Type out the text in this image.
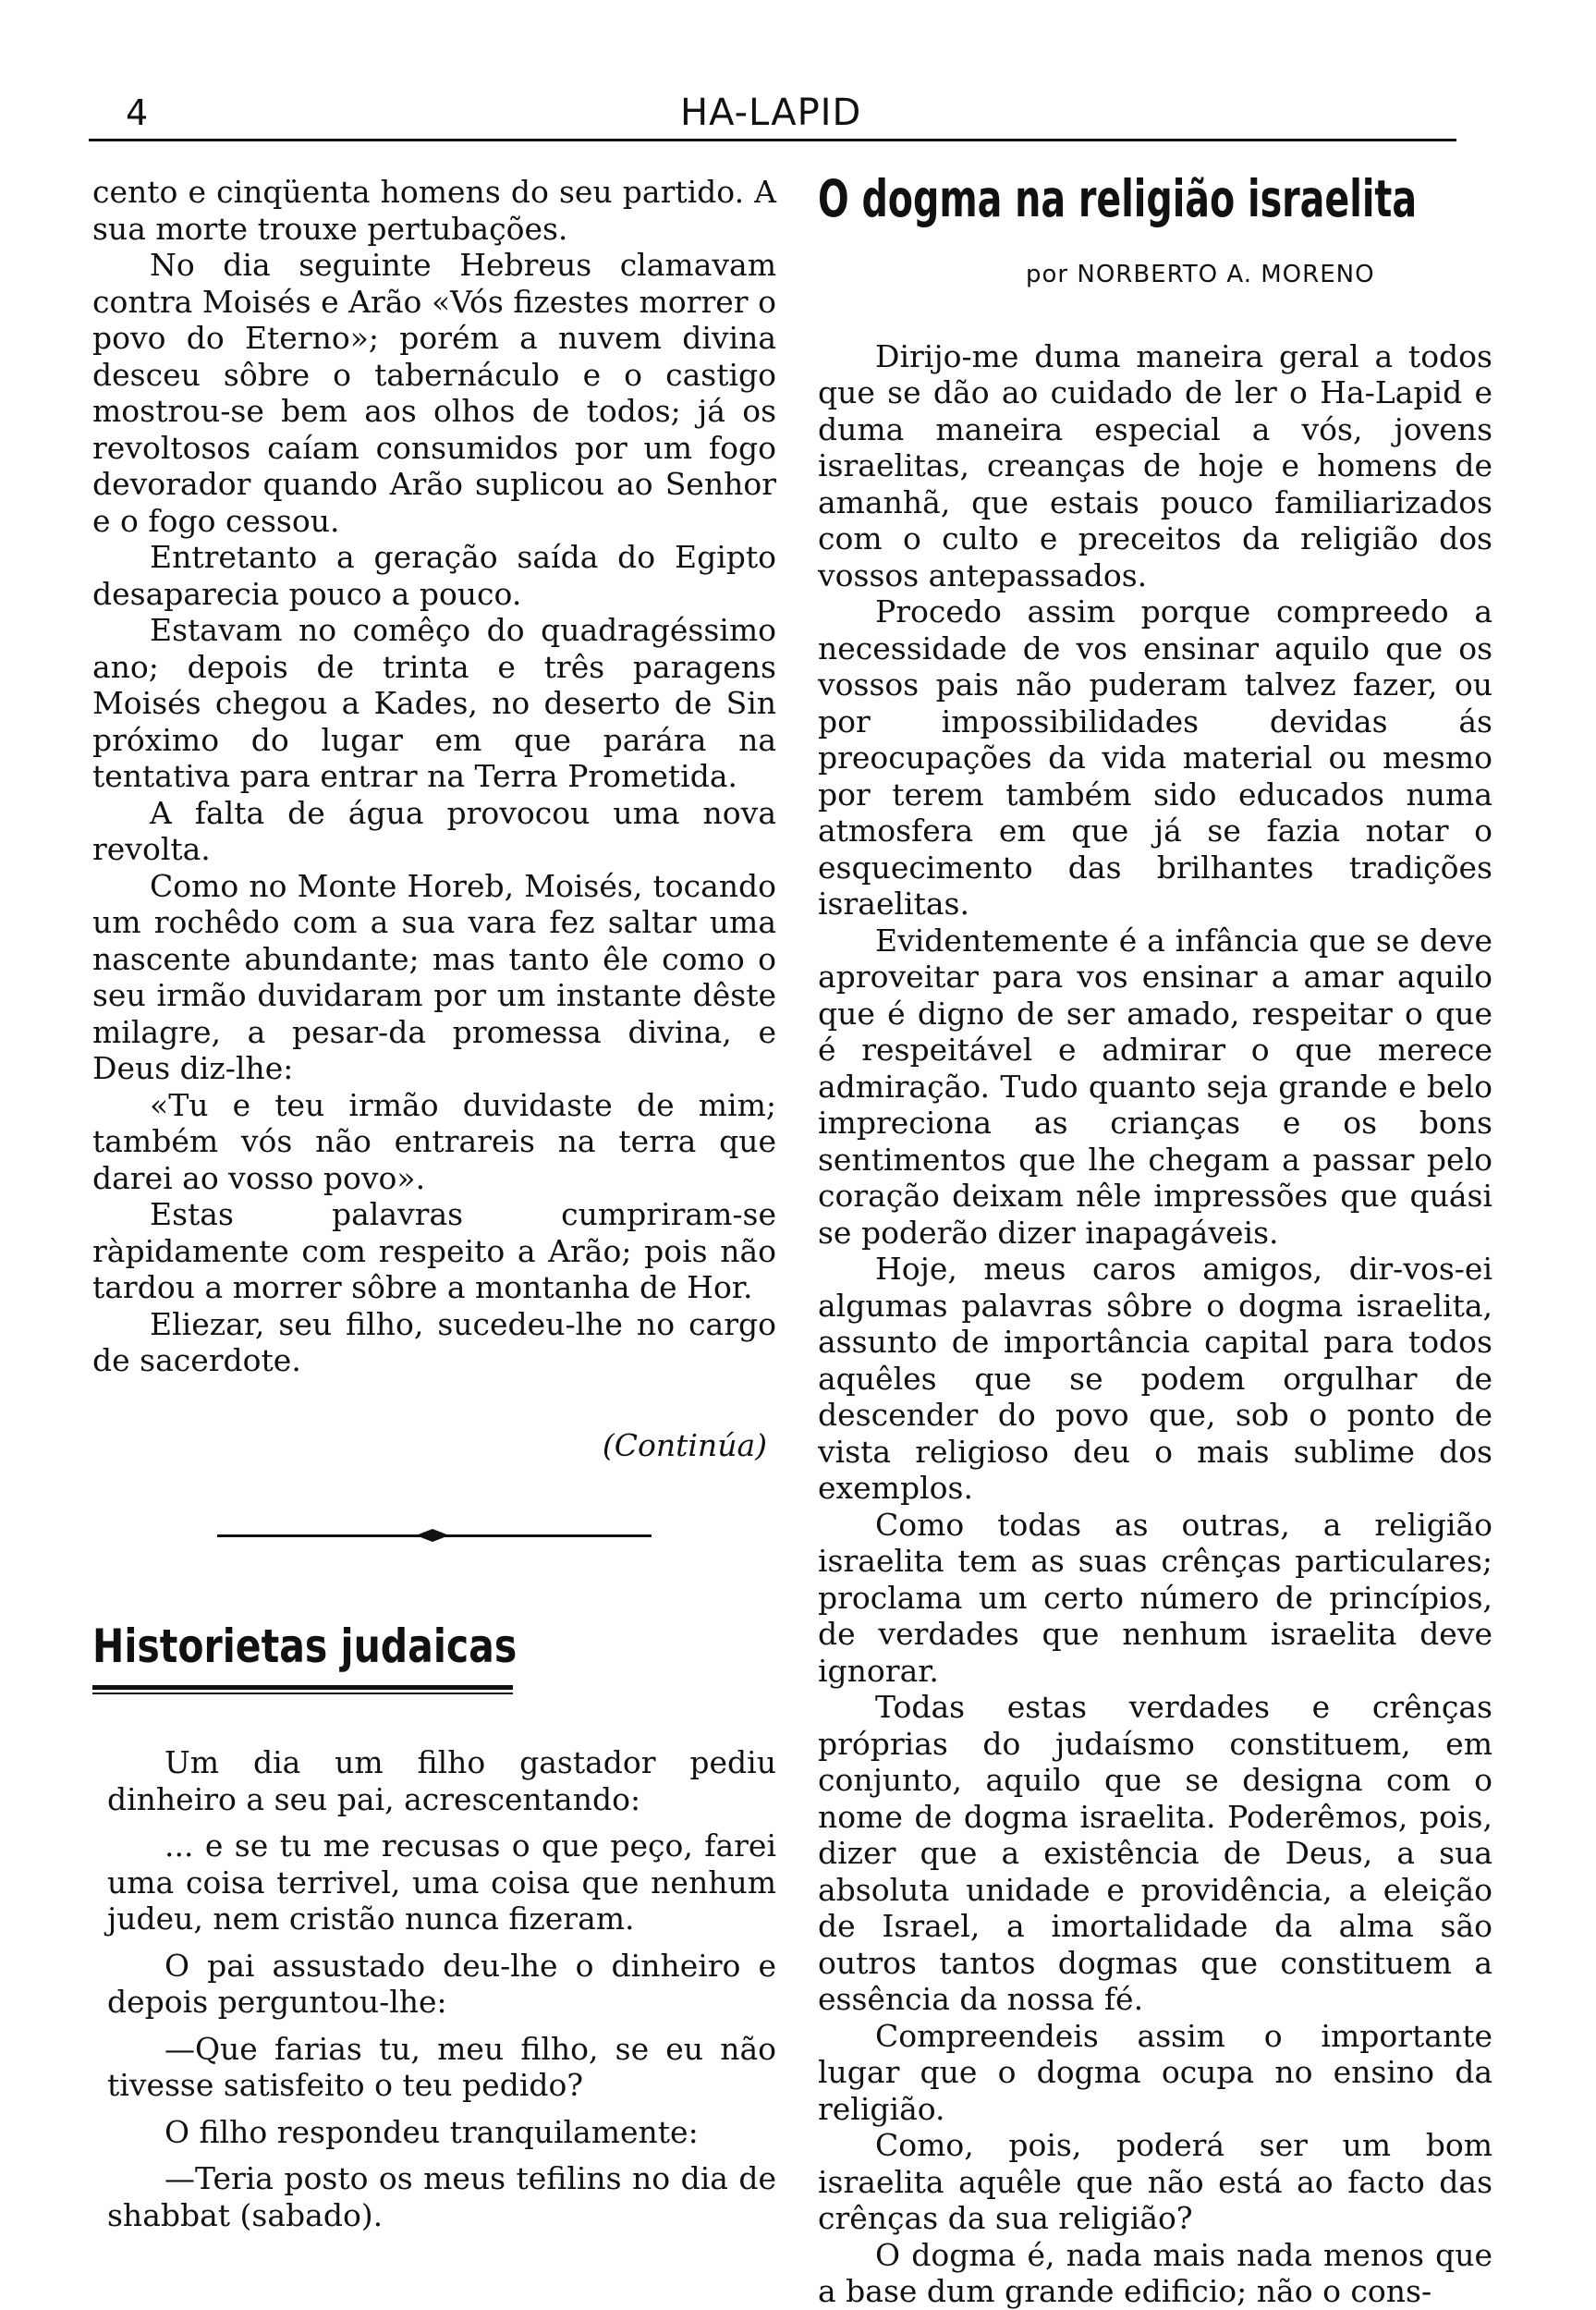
4	HA-LAPID

cento e cinqüenta homens do seu partido. A sua morte trouxe pertubações.

No dia seguinte Hebreus clamavam contra Moisés e Arão «Vós fizestes morrer o povo do Eterno»; porém a nuvem divina desceu sôbre o tabernáculo e o castigo mostrou-se bem aos olhos de todos; já os revoltosos caíam consumidos por um fogo devorador quando Arão suplicou ao Senhor e o fogo cessou.

Entretanto a geração saída do Egipto desaparecia pouco a pouco.

Estavam no comêço do quadragéssimo ano; depois de trinta e três paragens Moisés chegou a Kades, no deserto de Sin próximo do lugar em que parára na tentativa para entrar na Terra Prometida.

A falta de água provocou uma nova revolta.

Como no Monte Horeb, Moisés, tocando um rochêdo com a sua vara fez saltar uma nascente abundante; mas tanto êle como o seu irmão duvidaram por um instante dêste milagre, a pesar-da promessa divina, e Deus diz-lhe:

«Tu e teu irmão duvidaste de mim; também vós não entrareis na terra que darei ao vosso povo».

Estas palavras cumpriram-se ràpidamente com respeito a Arão; pois não tardou a morrer sôbre a montanha de Hor.

Eliezar, seu filho, sucedeu-lhe no cargo de sacerdote.

(Continúa)
Historietas judaicas

Um dia um filho gastador pediu dinheiro a seu pai, acrescentando:

... e se tu me recusas o que peço, farei uma coisa terrivel, uma coisa que nenhum judeu, nem cristão nunca fizeram.

O pai assustado deu-lhe o dinheiro e depois perguntou-lhe:

—Que farias tu, meu filho, se eu não tivesse satisfeito o teu pedido?

O filho respondeu tranquilamente:

—Teria posto os meus tefilins no dia de shabbat (sabado).

O dogma na religião israelita
por NORBERTO A. MORENO

Dirijo-me duma maneira geral a todos que se dão ao cuidado de ler o Ha-Lapid e duma maneira especial a vós, jovens israelitas, creanças de hoje e homens de amanhã, que estais pouco familiarizados com o culto e preceitos da religião dos vossos antepassados.

Procedo assim porque compreedo a necessidade de vos ensinar aquilo que os vossos pais não puderam talvez fazer, ou por impossibilidades devidas ás preocupações da vida material ou mesmo por terem também sido educados numa atmosfera em que já se fazia notar o esquecimento das brilhantes tradições israelitas.

Evidentemente é a infância que se deve aproveitar para vos ensinar a amar aquilo que é digno de ser amado, respeitar o que é respeitável e admirar o que merece admiração. Tudo quanto seja grande e belo impreciona as crianças e os bons sentimentos que lhe chegam a passar pelo coração deixam nêle impressões que quási se poderão dizer inapagáveis.

Hoje, meus caros amigos, dir-vos-ei algumas palavras sôbre o dogma israelita, assunto de importância capital para todos aquêles que se podem orgulhar de descender do povo que, sob o ponto de vista religioso deu o mais sublime dos exemplos.

Como todas as outras, a religião israelita tem as suas crênças particulares; proclama um certo número de princípios, de verdades que nenhum israelita deve ignorar.

Todas estas verdades e crênças próprias do judaísmo constituem, em conjunto, aquilo que se designa com o nome de dogma israelita. Poderêmos, pois, dizer que a existência de Deus, a sua absoluta unidade e providência, a eleição de Israel, a imortalidade da alma são outros tantos dogmas que constituem a essência da nossa fé.

Compreendeis assim o importante lugar que o dogma ocupa no ensino da religião.

Como, pois, poderá ser um bom israelita aquêle que não está ao facto das crênças da sua religião?

O dogma é, nada mais nada menos que a base dum grande edificio; não o cons-
